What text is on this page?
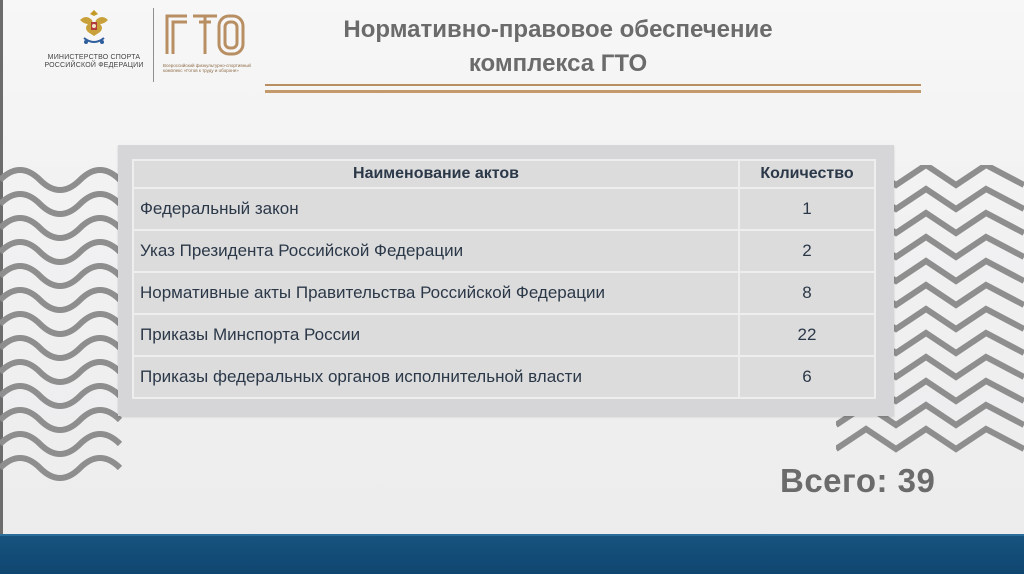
МИНИСТЕРСТВО СПОРТА РОССИЙСКОЙ ФЕДЕРАЦИИ	Всероссийский физкультурно-спортивный комплекс «Готов к труду и обороне»
Нормативно-правовое обеспечение
комплекса ГТО
Наименование актов	Количество
Федеральный закон	1
Указ Президента Российской Федерации	2
Нормативные акты Правительства Российской Федерации	8
Приказы Минспорта России	22
Приказы федеральных органов исполнительной власти	6
Всего: 39
